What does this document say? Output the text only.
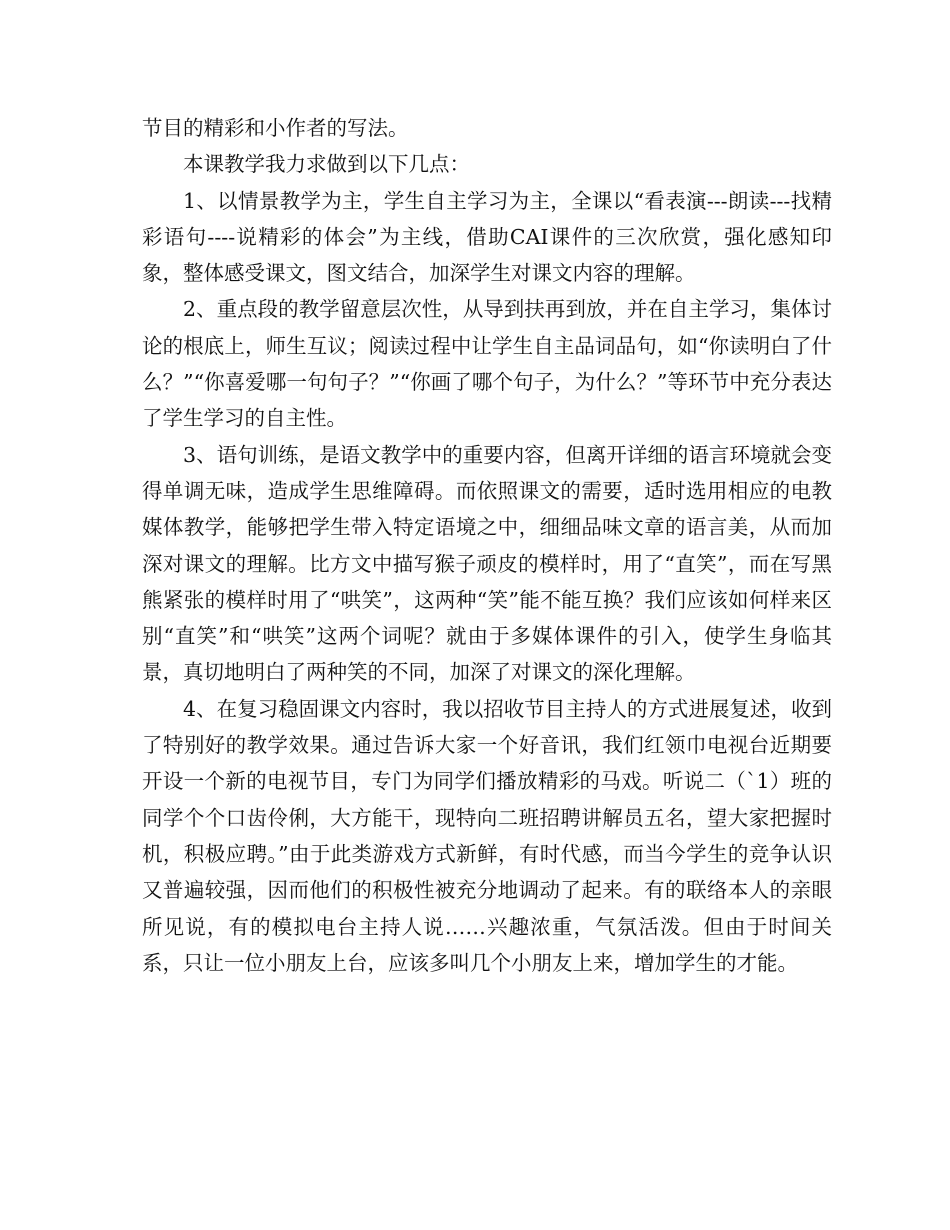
节目的精彩和小作者的写法。

本课教学我力求做到以下几点：

1、以情景教学为主，学生自主学习为主，全课以“看表演---朗读---找精彩语句----说精彩的体会”为主线，借助CAI课件的三次欣赏，强化感知印象，整体感受课文，图文结合，加深学生对课文内容的理解。

2、重点段的教学留意层次性，从导到扶再到放，并在自主学习，集体讨论的根底上，师生互议；阅读过程中让学生自主品词品句，如“你读明白了什么？”“你喜爱哪一句句子？”“你画了哪个句子，为什么？”等环节中充分表达了学生学习的自主性。

3、语句训练，是语文教学中的重要内容，但离开详细的语言环境就会变得单调无味，造成学生思维障碍。而依照课文的需要，适时选用相应的电教媒体教学，能够把学生带入特定语境之中，细细品味文章的语言美，从而加深对课文的理解。比方文中描写猴子顽皮的模样时，用了“直笑”，而在写黑熊紧张的模样时用了“哄笑”，这两种“笑”能不能互换？我们应该如何样来区别“直笑”和“哄笑”这两个词呢？就由于多媒体课件的引入，使学生身临其景，真切地明白了两种笑的不同，加深了对课文的深化理解。

4、在复习稳固课文内容时，我以招收节目主持人的方式进展复述，收到了特别好的教学效果。通过告诉大家一个好音讯，我们红领巾电视台近期要开设一个新的电视节目，专门为同学们播放精彩的马戏。听说二（`1）班的同学个个口齿伶俐，大方能干，现特向二班招聘讲解员五名，望大家把握时机，积极应聘。”由于此类游戏方式新鲜，有时代感，而当今学生的竞争认识又普遍较强，因而他们的积极性被充分地调动了起来。有的联络本人的亲眼所见说，有的模拟电台主持人说……兴趣浓重，气氛活泼。但由于时间关系，只让一位小朋友上台，应该多叫几个小朋友上来，增加学生的才能。
